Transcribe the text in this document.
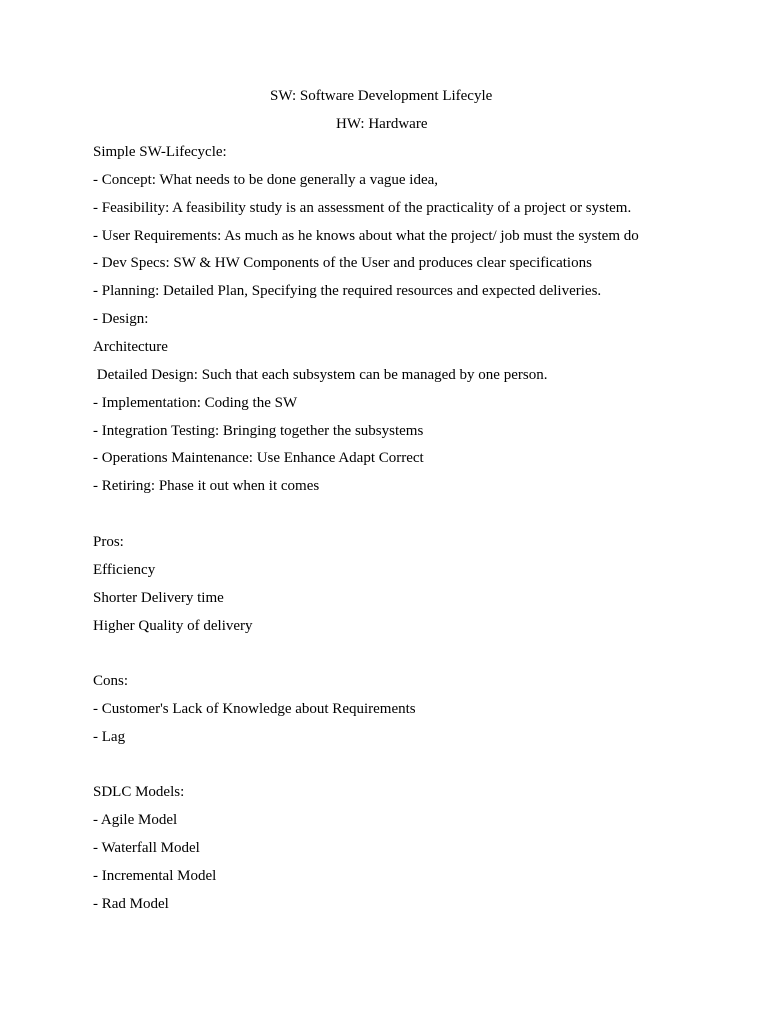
SW: Software Development Lifecyle
HW: Hardware
Simple SW-Lifecycle:
- Concept: What needs to be done generally a vague idea,
- Feasibility: A feasibility study is an assessment of the practicality of a project or system.
- User Requirements: As much as he knows about what the project/ job must the system do
- Dev Specs: SW & HW Components of the User and produces clear specifications
- Planning: Detailed Plan, Specifying the required resources and expected deliveries.
- Design:
Architecture
Detailed Design: Such that each subsystem can be managed by one person.
- Implementation: Coding the SW
- Integration Testing: Bringing together the subsystems
- Operations Maintenance: Use Enhance Adapt Correct
- Retiring: Phase it out when it comes
Pros:
Efficiency
Shorter Delivery time
Higher Quality of delivery
Cons:
- Customer's Lack of Knowledge about Requirements
- Lag
SDLC Models:
- Agile Model
- Waterfall Model
- Incremental Model
- Rad Model
